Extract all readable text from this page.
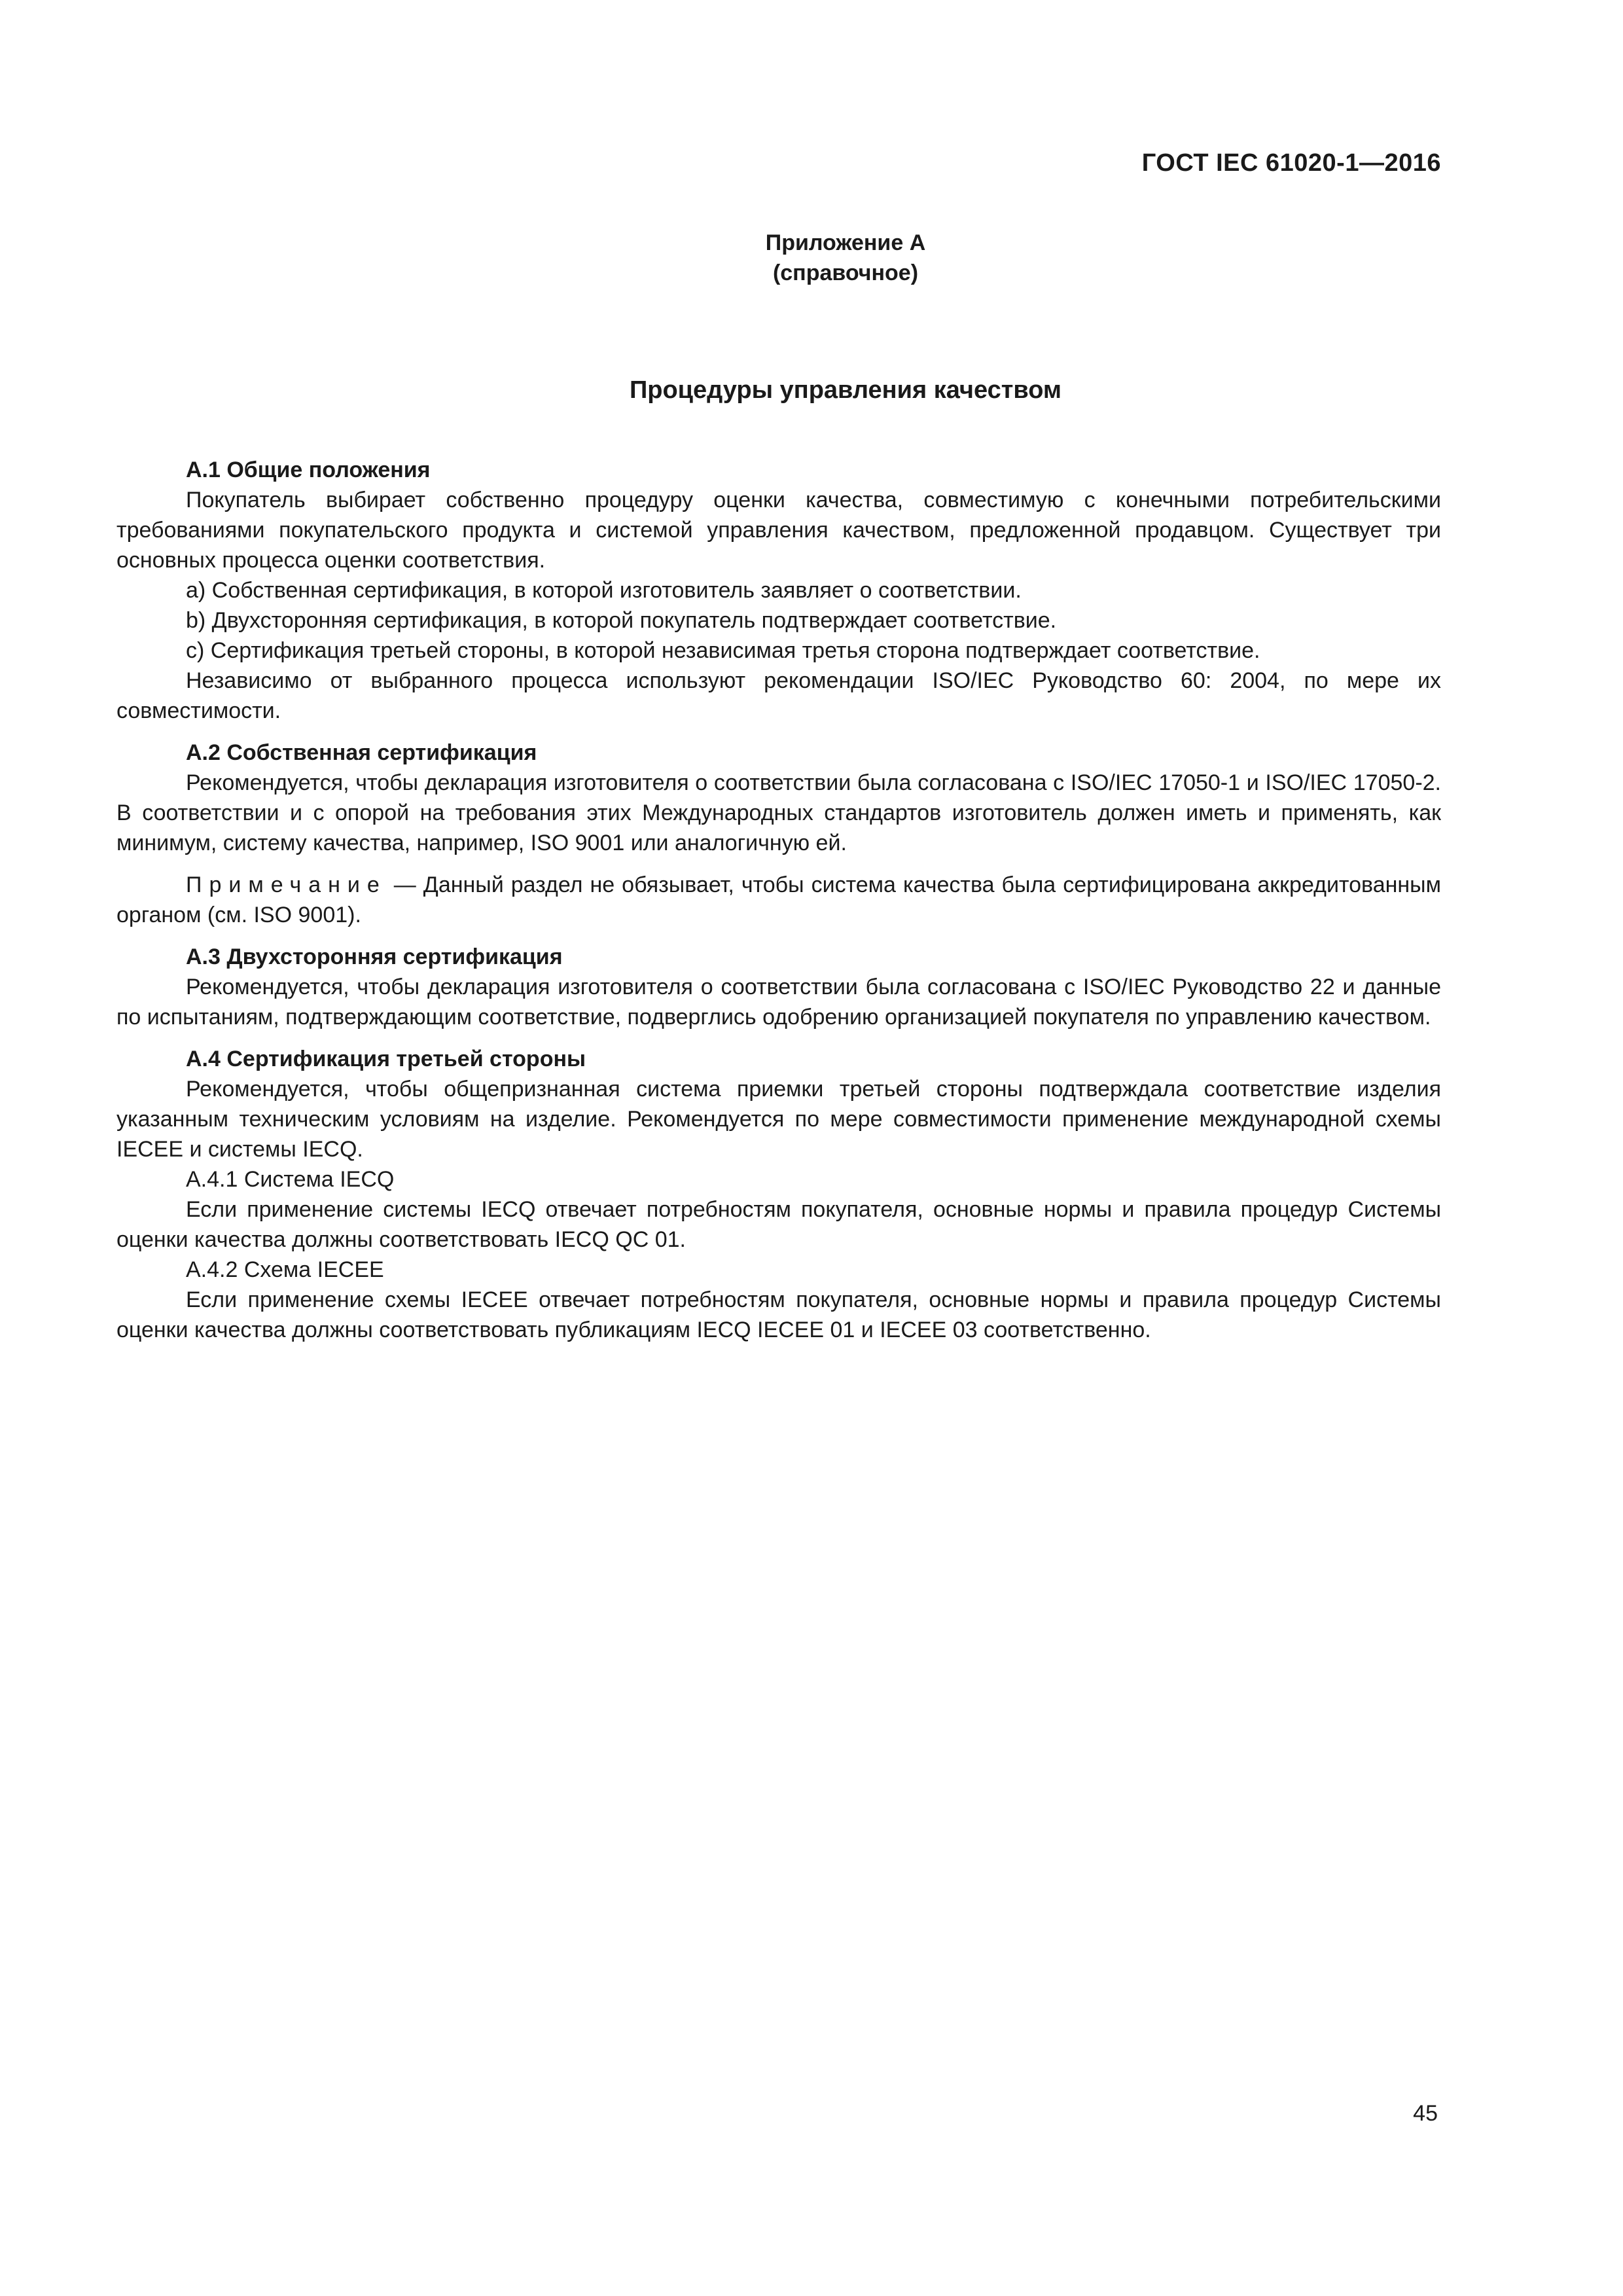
ГОСТ IEC 61020-1—2016
Приложение А
(справочное)
Процедуры управления качеством
А.1 Общие положения

Покупатель выбирает собственно процедуру оценки качества, совместимую с конечными потребительскими требованиями покупательского продукта и системой управления качеством, предложенной продавцом. Существует три основных процесса оценки соответствия.

a) Собственная сертификация, в которой изготовитель заявляет о соответствии.

b) Двухсторонняя сертификация, в которой покупатель подтверждает соответствие.

c) Сертификация третьей стороны, в которой независимая третья сторона подтверждает соответствие.

Независимо от выбранного процесса используют рекомендации ISO/IEC Руководство 60: 2004, по мере их совместимости.

А.2 Собственная сертификация

Рекомендуется, чтобы декларация изготовителя о соответствии была согласована с ISO/IEC 17050-1 и ISO/IEC 17050-2. В соответствии и с опорой на требования этих Международных стандартов изготовитель должен иметь и применять, как минимум, систему качества, например, ISO 9001 или аналогичную ей.

Примечание — Данный раздел не обязывает, чтобы система качества была сертифицирована аккредитованным органом (см. ISO 9001).

А.3 Двухсторонняя сертификация

Рекомендуется, чтобы декларация изготовителя о соответствии была согласована с ISO/IEC Руководство 22 и данные по испытаниям, подтверждающим соответствие, подверглись одобрению организацией покупателя по управлению качеством.

А.4 Сертификация третьей стороны

Рекомендуется, чтобы общепризнанная система приемки третьей стороны подтверждала соответствие изделия указанным техническим условиям на изделие. Рекомендуется по мере совместимости применение международной схемы IECEE и системы IECQ.

А.4.1 Система IECQ

Если применение системы IECQ отвечает потребностям покупателя, основные нормы и правила процедур Системы оценки качества должны соответствовать IECQ QC 01.

А.4.2 Схема IECEE

Если применение схемы IECEE отвечает потребностям покупателя, основные нормы и правила процедур Системы оценки качества должны соответствовать публикациям IECQ IECEE 01 и IECEE 03 соответственно.

45
